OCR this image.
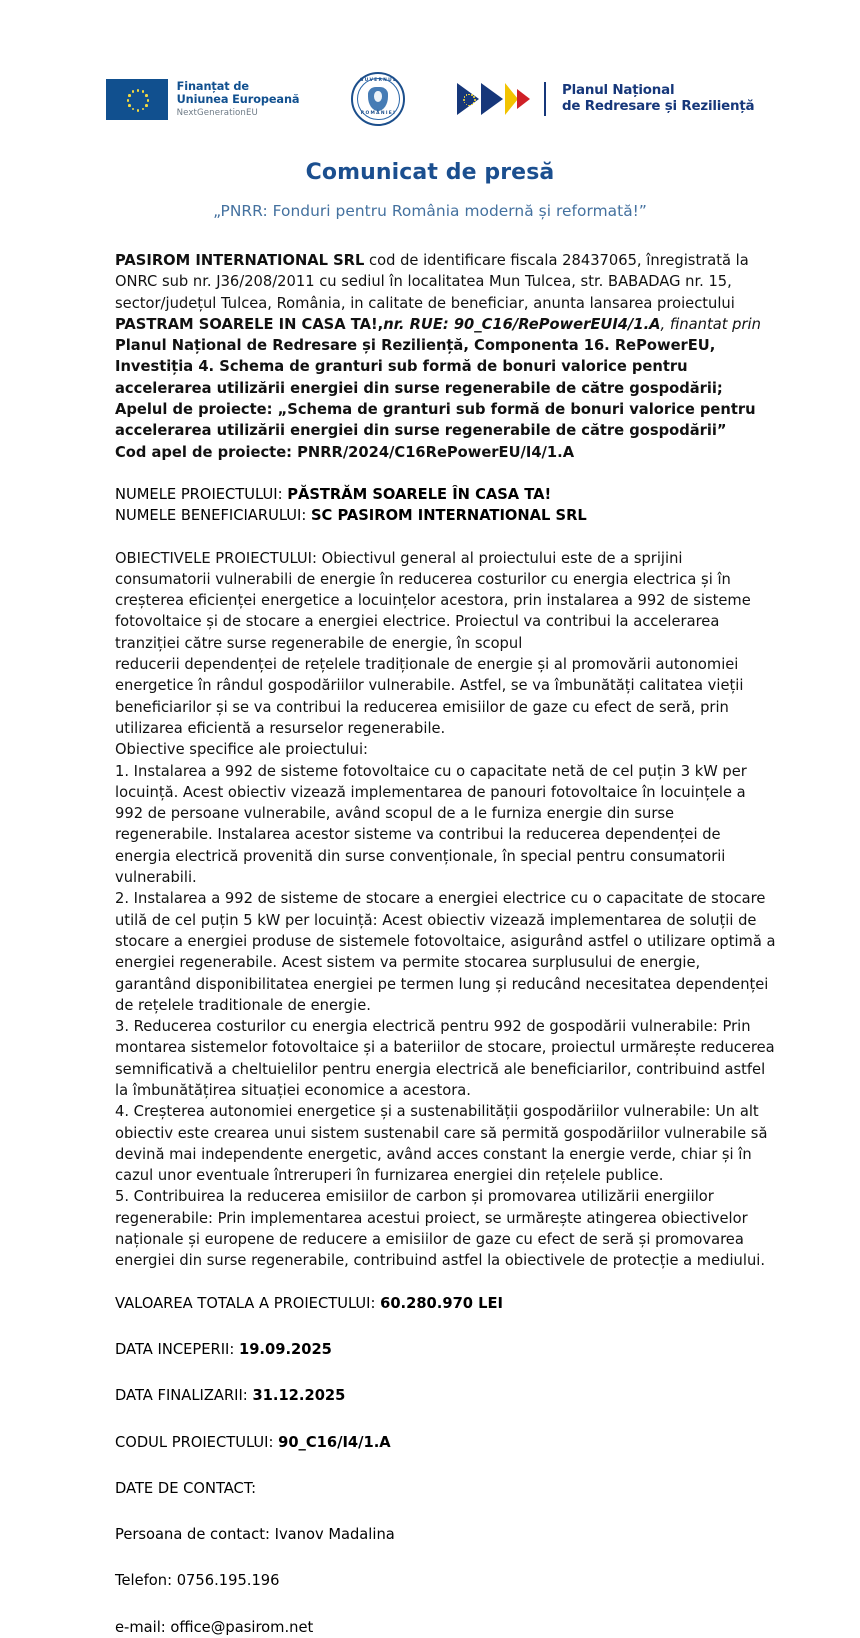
Finanțat de
Uniunea Europeană
NextGenerationEU
GUVERNUL
ROMÂNIEI
Planul Național
de Redresare și Reziliență
Comunicat de presă
„PNRR: Fonduri pentru România modernă și reformată!”

PASIROM INTERNATIONAL SRL cod de identificare fiscala 28437065, înregistrată la ONRC sub nr. J36/208/2011 cu sediul în localitatea Mun Tulcea, str. BABADAG nr. 15, sector/județul Tulcea, România, in calitate de beneficiar, anunta lansarea proiectului PASTRAM SOARELE IN CASA TA!,nr. RUE: 90_C16/RePowerEUI4/1.A, finantat prin Planul Național de Redresare și Reziliență, Componenta 16. RePowerEU,

Investiția 4. Schema de granturi sub formă de bonuri valorice pentru accelerarea utilizării energiei din surse regenerabile de către gospodării;

Apelul de proiecte: „Schema de granturi sub formă de bonuri valorice pentru accelerarea utilizării energiei din surse regenerabile de către gospodării”

Cod apel de proiecte: PNRR/2024/C16RePowerEU/I4/1.A

NUMELE PROIECTULUI: PĂSTRĂM SOARELE ÎN CASA TA!

NUMELE BENEFICIARULUI: SC PASIROM INTERNATIONAL SRL

OBIECTIVELE PROIECTULUI: Obiectivul general al proiectului este de a sprijini consumatorii vulnerabili de energie în reducerea costurilor cu energia electrica și în creșterea eficienței energetice a locuințelor acestora, prin instalarea a 992 de sisteme fotovoltaice și de stocare a energiei electrice. Proiectul va contribui la accelerarea tranziției către surse regenerabile de energie, în scopul

reducerii dependenței de rețelele tradiționale de energie și al promovării autonomiei energetice în rândul gospodăriilor vulnerabile. Astfel, se va îmbunătăți calitatea vieții beneficiarilor și se va contribui la reducerea emisiilor de gaze cu efect de seră, prin utilizarea eficientă a resurselor regenerabile.

Obiective specifice ale proiectului:

1. Instalarea a 992 de sisteme fotovoltaice cu o capacitate netă de cel puțin 3 kW per locuință. Acest obiectiv vizează implementarea de panouri fotovoltaice în locuințele a 992 de persoane vulnerabile, având scopul de a le furniza energie din surse regenerabile. Instalarea acestor sisteme va contribui la reducerea dependenței de energia electrică provenită din surse convenționale, în special pentru consumatorii vulnerabili.

2. Instalarea a 992 de sisteme de stocare a energiei electrice cu o capacitate de stocare utilă de cel puțin 5 kW per locuință: Acest obiectiv vizează implementarea de soluții de stocare a energiei produse de sistemele fotovoltaice, asigurând astfel o utilizare optimă a energiei regenerabile. Acest sistem va permite stocarea surplusului de energie, garantând disponibilitatea energiei pe termen lung și reducând necesitatea dependenței de rețelele traditionale de energie.

3. Reducerea costurilor cu energia electrică pentru 992 de gospodării vulnerabile: Prin montarea sistemelor fotovoltaice și a bateriilor de stocare, proiectul urmărește reducerea semnificativă a cheltuielilor pentru energia electrică ale beneficiarilor, contribuind astfel la îmbunătățirea situației economice a acestora.

4. Creșterea autonomiei energetice și a sustenabilității gospodăriilor vulnerabile: Un alt obiectiv este crearea unui sistem sustenabil care să permită gospodăriilor vulnerabile să devină mai independente energetic, având acces constant la energie verde, chiar și în cazul unor eventuale întreruperi în furnizarea energiei din rețelele publice.

5. Contribuirea la reducerea emisiilor de carbon și promovarea utilizării energiilor regenerabile: Prin implementarea acestui proiect, se urmărește atingerea obiectivelor naționale și europene de reducere a emisiilor de gaze cu efect de seră și promovarea energiei din surse regenerabile, contribuind astfel la obiectivele de protecție a mediului.

VALOAREA TOTALA A PROIECTULUI: 60.280.970 LEI

DATA INCEPERII: 19.09.2025

DATA FINALIZARII: 31.12.2025

CODUL PROIECTULUI: 90_C16/I4/1.A

DATE DE CONTACT:

Persoana de contact: Ivanov Madalina

Telefon: 0756.195.196

e-mail: office@pasirom.net
